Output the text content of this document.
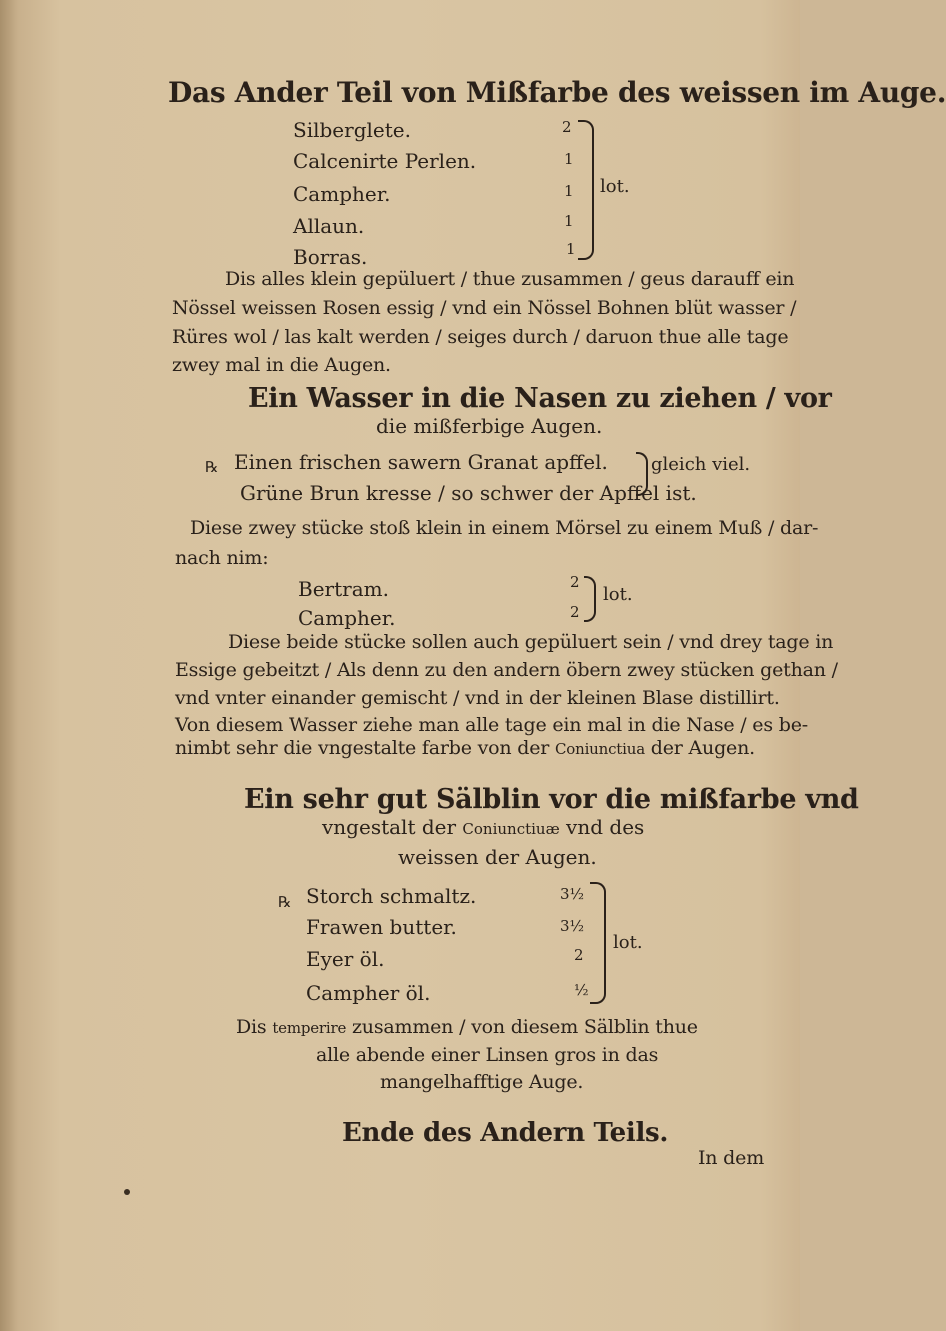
Das Ander Teil von Mißfarbe des weissen im Auge.
Silberglete.
Calcenirte Perlen.
Campher.
Allaun.
Borras.
2
1
1
1
1
lot.
Dis alles klein gepüluert / thue zusammen / geus darauff ein
Nössel weissen Rosen essig / vnd ein Nössel Bohnen blüt wasser /
Rüres wol / las kalt werden / seiges durch / daruon thue alle tage
zwey mal in die Augen.
Ein Wasser in die Nasen zu ziehen / vor
die mißferbige Augen.
℞ Einen frischen sawern Granat apffel.
Grüne Brun kresse / so schwer der Apffel ist.
gleich viel.
Diese zwey stücke stoß klein in einem Mörsel zu einem Muß / dar-
nach nim:
Bertram.
Campher.
2
2
lot.
Diese beide stücke sollen auch gepüluert sein / vnd drey tage in
Essige gebeitzt / Als denn zu den andern öbern zwey stücken gethan /
vnd vnter einander gemischt / vnd in der kleinen Blase distillirt.
Von diesem Wasser ziehe man alle tage ein mal in die Nase / es be-
nimbt sehr die vngestalte farbe von der Coniunctiua der Augen.
Ein sehr gut Sälblin vor die mißfarbe vnd
vngestalt der Coniunctiuæ vnd des
weissen der Augen.
℞ Storch schmaltz.
Frawen butter.
Eyer öl.
Campher öl.
3½
3½
2
½
lot.
Dis temperire zusammen / von diesem Sälblin thue
alle abende einer Linsen gros in das
mangelhafftige Auge.
Ende des Andern Teils.
In dem
